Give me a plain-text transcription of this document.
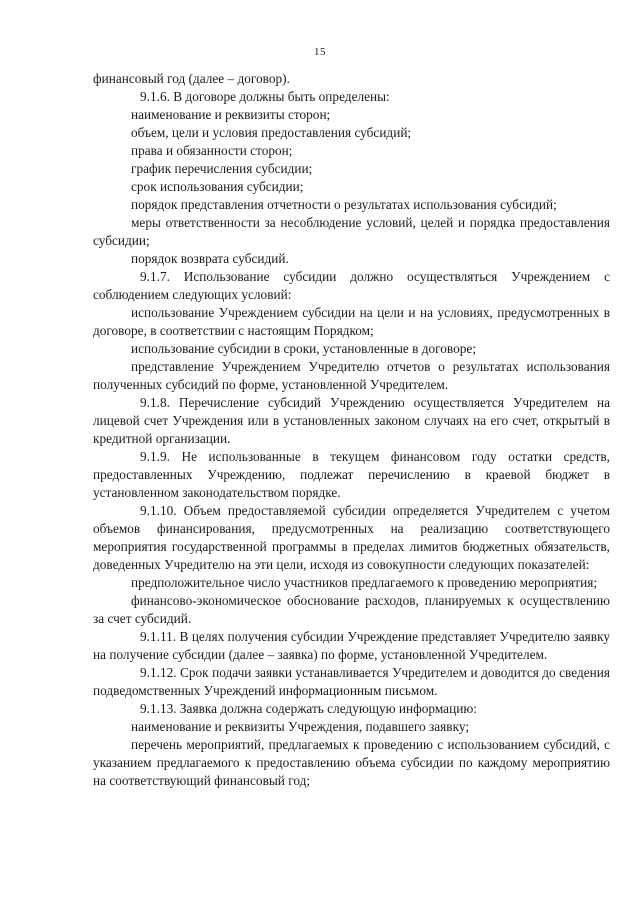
15

финансовый год (далее – договор).

9.1.6. В договоре должны быть определены:

наименование и реквизиты сторон;

объем, цели и условия предоставления субсидий;

права и обязанности сторон;

график перечисления субсидии;

срок использования субсидии;

порядок представления отчетности о результатах использования субсидий;

меры ответственности за несоблюдение условий, целей и порядка предоставления субсидии;

порядок возврата субсидий.

9.1.7. Использование субсидии должно осуществляться Учреждением с соблюдением следующих условий:

использование Учреждением субсидии на цели и на условиях, предусмотренных в договоре, в соответствии с настоящим Порядком;

использование субсидии в сроки, установленные в договоре;

представление Учреждением Учредителю отчетов о результатах использования полученных субсидий по форме, установленной Учредителем.

9.1.8. Перечисление субсидий Учреждению осуществляется Учредителем на лицевой счет Учреждения или в установленных законом случаях на его счет, открытый в кредитной организации.

9.1.9. Не использованные в текущем финансовом году остатки средств, предоставленных Учреждению, подлежат перечислению в краевой бюджет в установленном законодательством порядке.

9.1.10. Объем предоставляемой субсидии определяется Учредителем с учетом объемов финансирования, предусмотренных на реализацию соответствующего мероприятия государственной программы в пределах лимитов бюджетных обязательств, доведенных Учредителю на эти цели, исходя из совокупности следующих показателей:

предположительное число участников предлагаемого к проведению мероприятия;

финансово-экономическое обоснование расходов, планируемых к осуществлению за счет субсидий.

9.1.11. В целях получения субсидии Учреждение представляет Учредителю заявку на получение субсидии (далее – заявка) по форме, установленной Учредителем.

9.1.12. Срок подачи заявки устанавливается Учредителем и доводится до сведения подведомственных Учреждений информационным письмом.

9.1.13. Заявка должна содержать следующую информацию:

наименование и реквизиты Учреждения, подавшего заявку;

перечень мероприятий, предлагаемых к проведению с использованием субсидий, с указанием предлагаемого к предоставлению объема субсидии по каждому мероприятию на соответствующий финансовый год;
